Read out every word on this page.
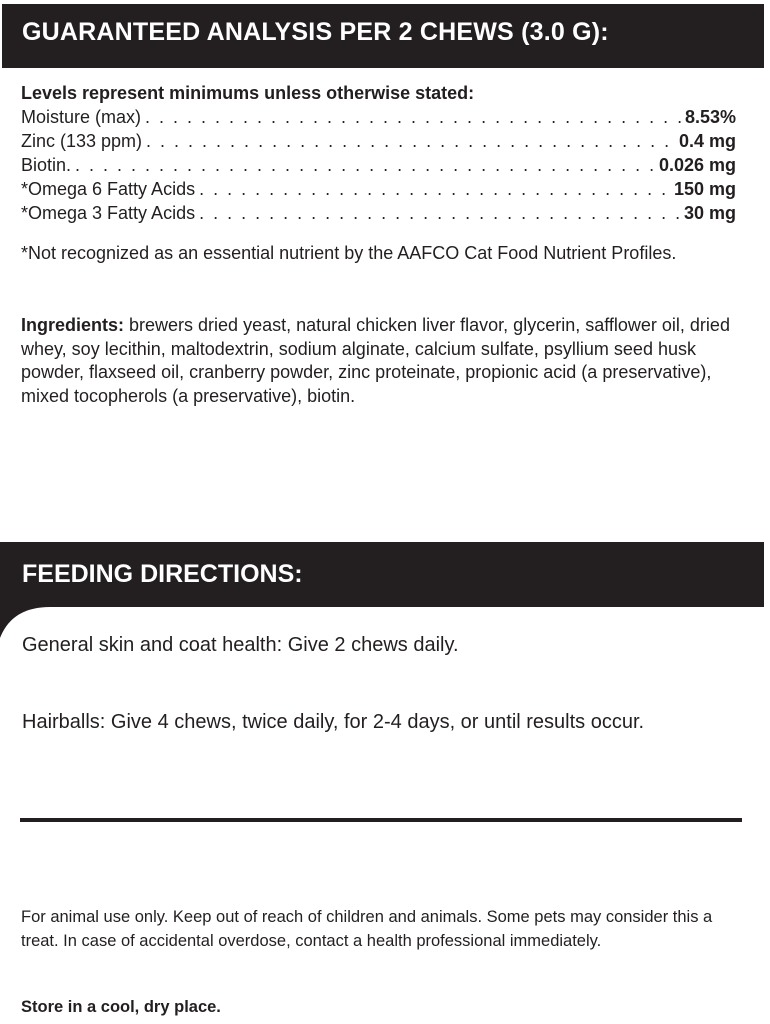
GUARANTEED ANALYSIS PER 2 CHEWS (3.0 G):

Levels represent minimums unless otherwise stated:

Moisture (max) . . .	8.53%
Zinc (133 ppm) . . .	0.4 mg
Biotin. . . .	0.026 mg
*Omega 6 Fatty Acids . . .	150 mg
*Omega 3 Fatty Acids . . .	30 mg

*Not recognized as an essential nutrient by the AAFCO Cat Food Nutrient Profiles.

Ingredients: brewers dried yeast, natural chicken liver flavor, glycerin, safflower oil, dried whey, soy lecithin, maltodextrin, sodium alginate, calcium sulfate, psyllium seed husk powder, flaxseed oil, cranberry powder, zinc proteinate, propionic acid (a preservative), mixed tocopherols (a preservative), biotin.

FEEDING DIRECTIONS:

General skin and coat health: Give 2 chews daily.

Hairballs: Give 4 chews, twice daily, for 2-4 days, or until results occur.

For animal use only. Keep out of reach of children and animals. Some pets may consider this a treat. In case of accidental overdose, contact a health professional immediately.

Store in a cool, dry place.
